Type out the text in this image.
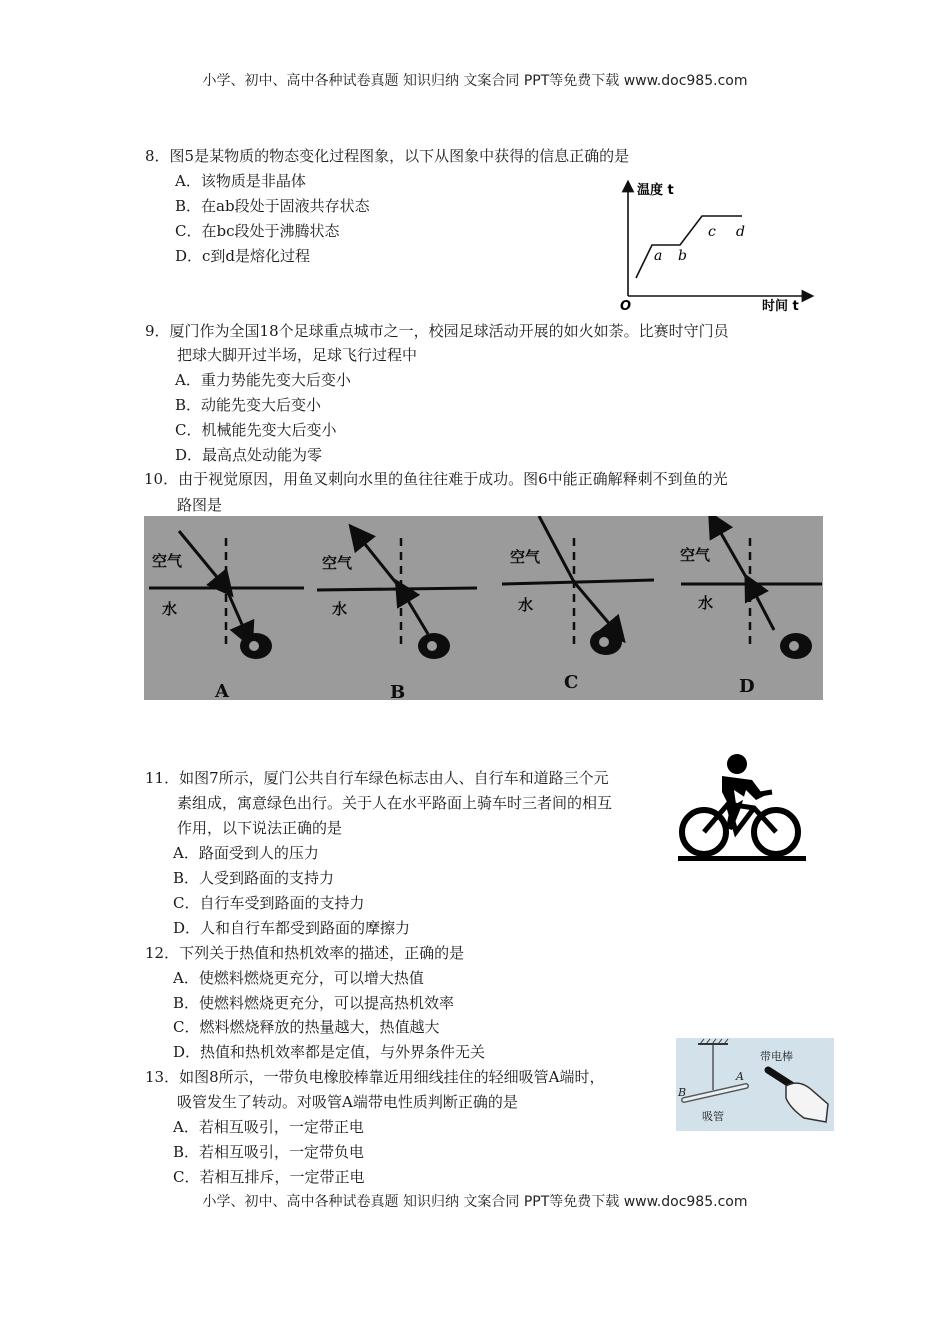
小学、初中、高中各种试卷真题 知识归纳 文案合同 PPT等免费下载 www.doc985.com
8．图5是某物质的物态变化过程图象，以下从图象中获得的信息正确的是
A．该物质是非晶体
B．在ab段处于固液共存状态
C．在bc段处于沸腾状态
D．c到d是熔化过程
温度 t
时间 t
O
a b
c d
9．厦门作为全国18个足球重点城市之一，校园足球活动开展的如火如荼。比赛时守门员
把球大脚开过半场，足球飞行过程中
A．重力势能先变大后变小
B．动能先变大后变小
C．机械能先变大后变小
D．最高点处动能为零
10．由于视觉原因，用鱼叉刺向水里的鱼往往难于成功。图6中能正确解释刺不到鱼的光
路图是
空气
水
空气
水
空气
水
空气
水
A	B	C	D
11．如图7所示，厦门公共自行车绿色标志由人、自行车和道路三个元
素组成，寓意绿色出行。关于人在水平路面上骑车时三者间的相互
作用，以下说法正确的是
A．路面受到人的压力
B．人受到路面的支持力
C．自行车受到路面的支持力
D．人和自行车都受到路面的摩擦力
12．下列关于热值和热机效率的描述，正确的是
A．使燃料燃烧更充分，可以增大热值
B．使燃料燃烧更充分，可以提高热机效率
C．燃料燃烧释放的热量越大，热值越大
D．热值和热机效率都是定值，与外界条件无关
13．如图8所示，一带负电橡胶棒靠近用细线挂住的轻细吸管A端时，
吸管发生了转动。对吸管A端带电性质判断正确的是
A．若相互吸引，一定带正电
B．若相互吸引，一定带负电
C．若相互排斥，一定带正电
带电棒
吸管
A
B
小学、初中、高中各种试卷真题 知识归纳 文案合同 PPT等免费下载 www.doc985.com
